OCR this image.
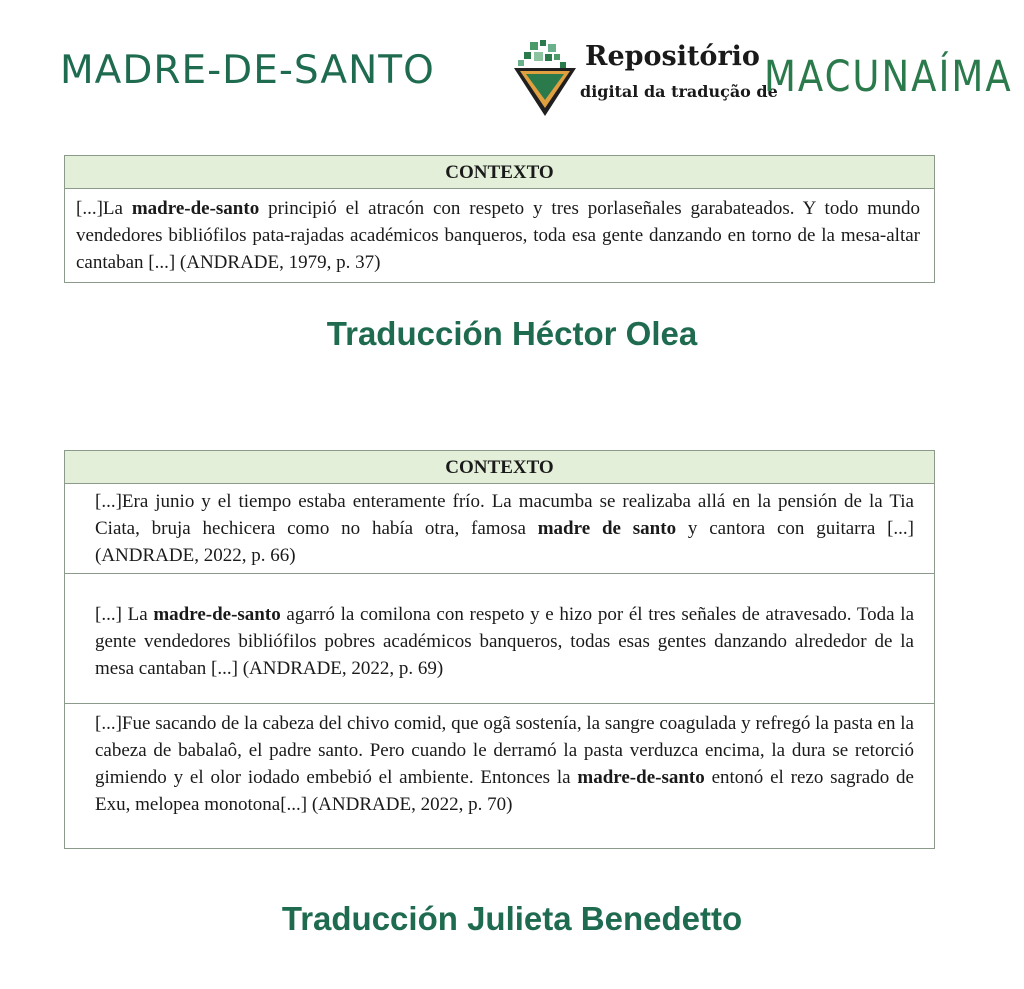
MADRE-DE-SANTO	Repositório
digital da tradução de
MACUNAÍMA
CONTEXTO
[...]La madre-de-santo principió el atracón con respeto y tres porlaseñales garabateados. Y todo mundo vendedores bibliófilos pata-rajadas académicos banqueros, toda esa gente danzando en torno de la mesa-altar cantaban [...] (ANDRADE, 1979, p. 37)
Traducción Héctor Olea
CONTEXTO
[...]Era junio y el tiempo estaba enteramente frío. La macumba se realizaba allá en la pensión de la Tia Ciata, bruja hechicera como no había otra, famosa madre de santo y cantora con guitarra [...] (ANDRADE, 2022, p. 66)
[...] La madre-de-santo agarró la comilona con respeto y e hizo por él tres señales de atravesado. Toda la gente vendedores bibliófilos pobres académicos banqueros, todas esas gentes danzando alrededor de la mesa cantaban [...] (ANDRADE, 2022, p. 69)
[...]Fue sacando de la cabeza del chivo comid, que ogã sostenía, la sangre coagulada y refregó la pasta en la cabeza de babalaô, el padre santo. Pero cuando le derramó la pasta verduzca encima, la dura se retorció gimiendo y el olor iodado embebió el ambiente. Entonces la madre-de-santo entonó el rezo sagrado de Exu, melopea monotona[...] (ANDRADE, 2022, p. 70)
Traducción Julieta Benedetto
